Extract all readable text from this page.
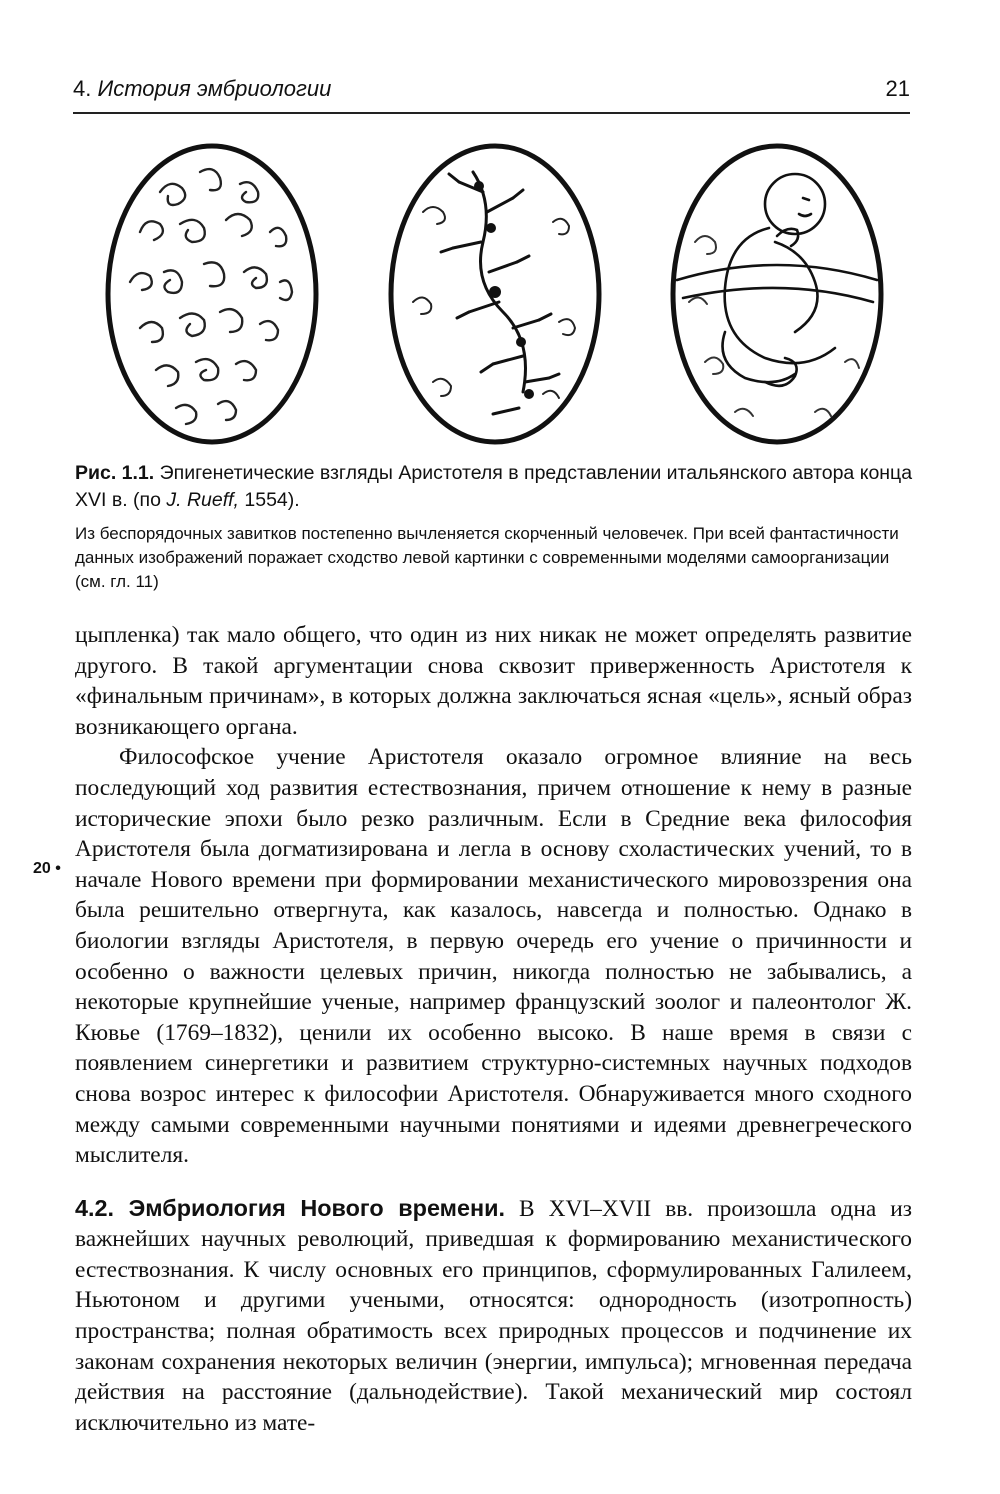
4. История эмбриологии	21

Рис. 1.1. Эпигенетические взгляды Аристотеля в представлении итальянского автора конца XVI в. (по J. Rueff, 1554).

Из беспорядочных завитков постепенно вычленяется скорченный человечек. При всей фантастичности данных изображений поражает сходство левой картинки с современными моделями самоорганизации (см. гл. 11)

20 •

цыпленка) так мало общего, что один из них никак не может определять развитие другого. В такой аргументации снова сквозит приверженность Аристотеля к «финальным причинам», в которых должна заключаться ясная «цель», ясный образ возникающего органа.

Философское учение Аристотеля оказало огромное влияние на весь последующий ход развития естествознания, причем отношение к нему в разные исторические эпохи было резко различным. Если в Средние века философия Аристотеля была догматизирована и легла в основу схоластических учений, то в начале Нового времени при формировании механистического мировоззрения она была решительно отвергнута, как казалось, навсегда и полностью. Однако в биологии взгляды Аристотеля, в первую очередь его учение о причинности и особенно о важности целевых причин, никогда полностью не забывались, а некоторые крупнейшие ученые, например французский зоолог и палеонтолог Ж. Кювье (1769–1832), ценили их особенно высоко. В наше время в связи с появлением синергетики и развитием структурно-системных научных подходов снова возрос интерес к философии Аристотеля. Обнаруживается много сходного между самыми современными научными понятиями и идеями древнегреческого мыслителя.

4.2. Эмбриология Нового времени. В XVI–XVII вв. произошла одна из важнейших научных революций, приведшая к формированию механистического естествознания. К числу основных его принципов, сформулированных Галилеем, Ньютоном и другими учеными, относятся: однородность (изотропность) пространства; полная обратимость всех природных процессов и подчинение их законам сохранения некоторых величин (энергии, импульса); мгновенная передача действия на расстояние (дальнодействие). Такой механический мир состоял исключительно из мате-
